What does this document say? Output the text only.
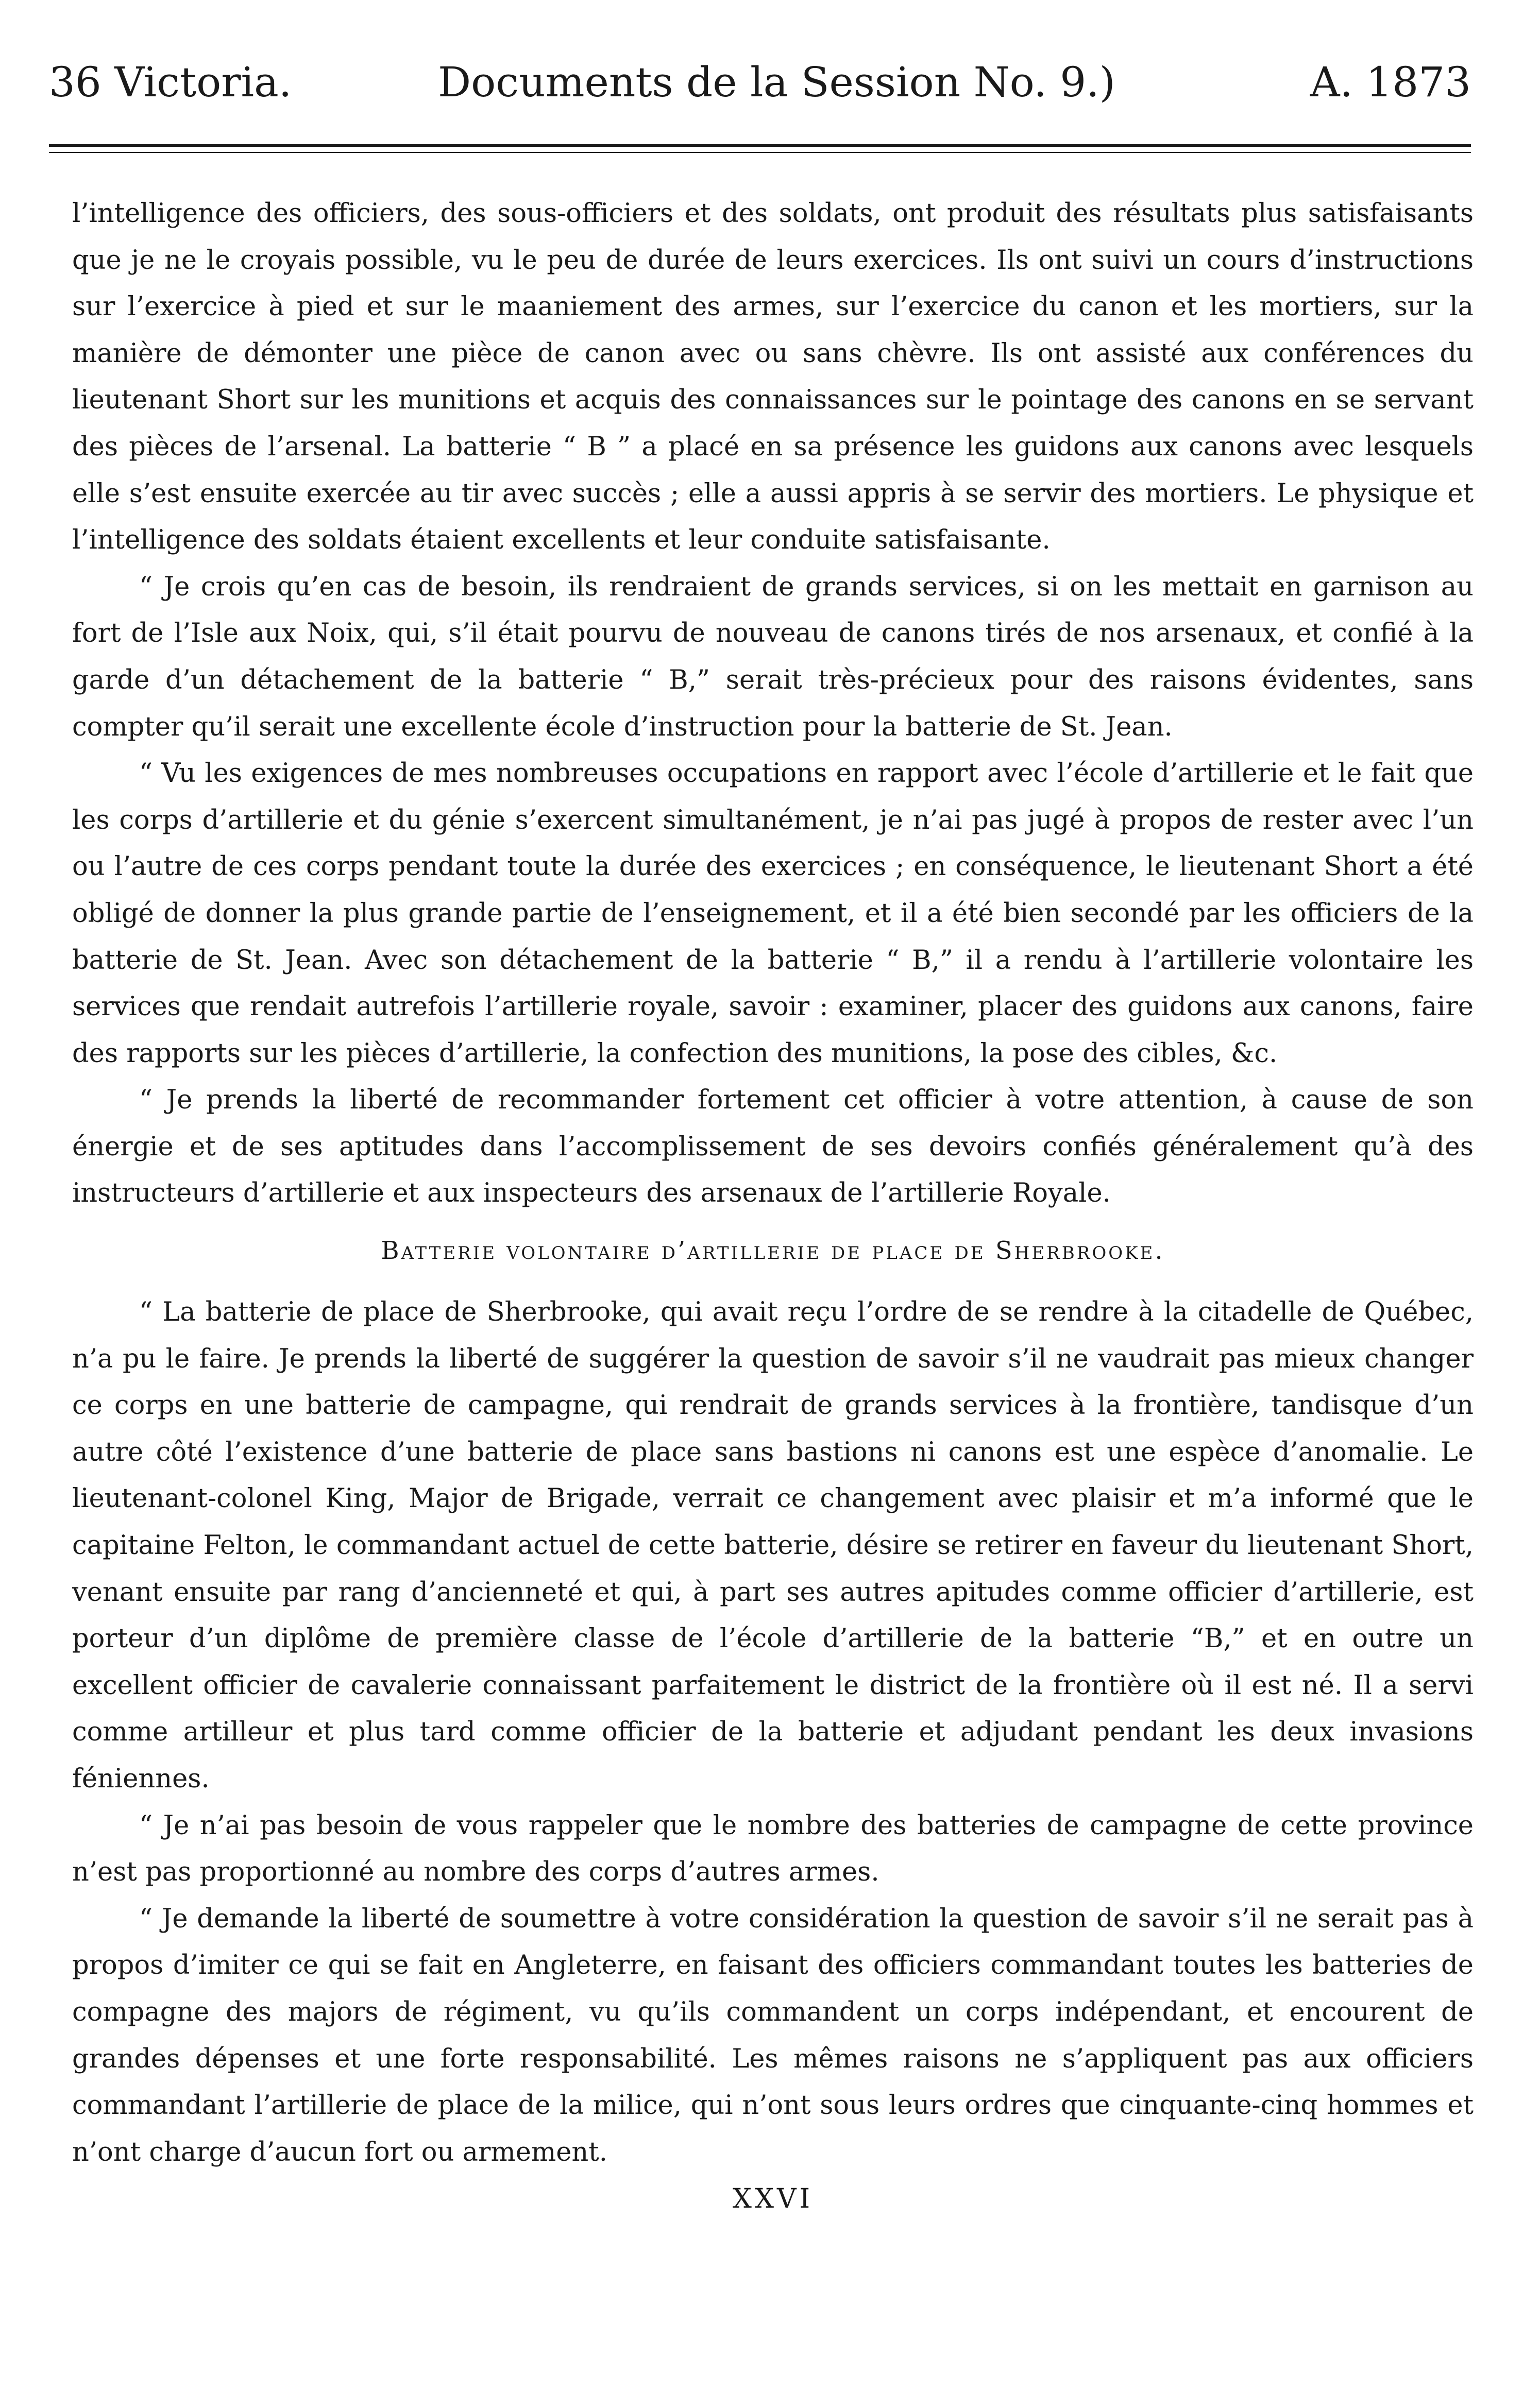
36 Victoria.	Documents de la Session No. 9.)	A. 1873

l’intelligence des officiers, des sous-officiers et des soldats, ont produit des résultats plus satisfaisants que je ne le croyais possible, vu le peu de durée de leurs exercices. Ils ont suivi un cours d’instructions sur l’exercice à pied et sur le maaniement des armes, sur l’exercice du canon et les mortiers, sur la manière de démonter une pièce de canon avec ou sans chèvre. Ils ont assisté aux conférences du lieutenant Short sur les munitions et acquis des connaissances sur le pointage des canons en se servant des pièces de l’arsenal. La batterie “ B ” a placé en sa présence les guidons aux canons avec lesquels elle s’est ensuite exercée au tir avec succès ; elle a aussi appris à se servir des mortiers. Le physique et l’intelligence des soldats étaient excellents et leur conduite satisfaisante.

“ Je crois qu’en cas de besoin, ils rendraient de grands services, si on les mettait en garnison au fort de l’Isle aux Noix, qui, s’il était pourvu de nouveau de canons tirés de nos arsenaux, et confié à la garde d’un détachement de la batterie “ B,” serait très-précieux pour des raisons évidentes, sans compter qu’il serait une excellente école d’instruction pour la batterie de St. Jean.

“ Vu les exigences de mes nombreuses occupations en rapport avec l’école d’artillerie et le fait que les corps d’artillerie et du génie s’exercent simultanément, je n’ai pas jugé à propos de rester avec l’un ou l’autre de ces corps pendant toute la durée des exercices ; en conséquence, le lieutenant Short a été obligé de donner la plus grande partie de l’enseignement, et il a été bien secondé par les officiers de la batterie de St. Jean. Avec son détachement de la batterie “ B,” il a rendu à l’artillerie volontaire les services que rendait autrefois l’artillerie royale, savoir : examiner, placer des guidons aux canons, faire des rapports sur les pièces d’artillerie, la confection des munitions, la pose des cibles, &c.

“ Je prends la liberté de recommander fortement cet officier à votre attention, à cause de son énergie et de ses aptitudes dans l’accomplissement de ses devoirs confiés généralement qu’à des instructeurs d’artillerie et aux inspecteurs des arsenaux de l’artillerie Royale.

Batterie volontaire d’artillerie de place de Sherbrooke.

“ La batterie de place de Sherbrooke, qui avait reçu l’ordre de se rendre à la citadelle de Québec, n’a pu le faire. Je prends la liberté de suggérer la question de savoir s’il ne vaudrait pas mieux changer ce corps en une batterie de campagne, qui rendrait de grands services à la frontière, tandisque d’un autre côté l’existence d’une batterie de place sans bastions ni canons est une espèce d’anomalie. Le lieutenant-colonel King, Major de Brigade, verrait ce changement avec plaisir et m’a informé que le capitaine Felton, le commandant actuel de cette batterie, désire se retirer en faveur du lieutenant Short, venant ensuite par rang d’ancienneté et qui, à part ses autres apitudes comme officier d’artillerie, est porteur d’un diplôme de première classe de l’école d’artillerie de la batterie “B,” et en outre un excellent officier de cavalerie connaissant parfaitement le district de la frontière où il est né. Il a servi comme artilleur et plus tard comme officier de la batterie et adjudant pendant les deux invasions féniennes.

“ Je n’ai pas besoin de vous rappeler que le nombre des batteries de campagne de cette province n’est pas proportionné au nombre des corps d’autres armes.

“ Je demande la liberté de soumettre à votre considération la question de savoir s’il ne serait pas à propos d’imiter ce qui se fait en Angleterre, en faisant des officiers commandant toutes les batteries de compagne des majors de régiment, vu qu’ils commandent un corps indépendant, et encourent de grandes dépenses et une forte responsabilité. Les mêmes raisons ne s’appliquent pas aux officiers commandant l’artillerie de place de la milice, qui n’ont sous leurs ordres que cinquante-cinq hommes et n’ont charge d’aucun fort ou armement.

XXVI
